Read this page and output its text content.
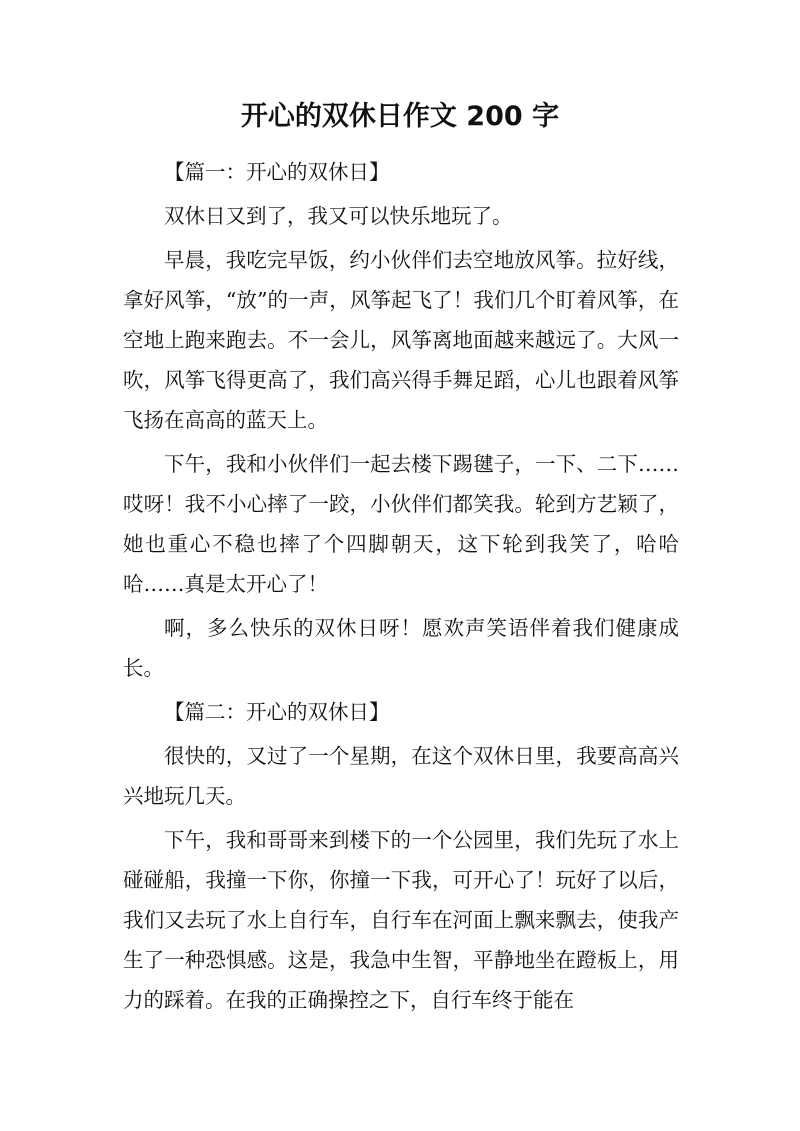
开心的双休日作文 200 字

【篇一：开心的双休日】

双休日又到了，我又可以快乐地玩了。

早晨，我吃完早饭，约小伙伴们去空地放风筝。拉好线，拿好风筝，“放”的一声，风筝起飞了！我们几个盯着风筝，在空地上跑来跑去。不一会儿，风筝离地面越来越远了。大风一吹，风筝飞得更高了，我们高兴得手舞足蹈，心儿也跟着风筝飞扬在高高的蓝天上。

下午，我和小伙伴们一起去楼下踢毽子，一下、二下……哎呀！我不小心摔了一跤，小伙伴们都笑我。轮到方艺颖了，她也重心不稳也摔了个四脚朝天，这下轮到我笑了，哈哈哈……真是太开心了！

啊，多么快乐的双休日呀！愿欢声笑语伴着我们健康成长。

【篇二：开心的双休日】

很快的，又过了一个星期，在这个双休日里，我要高高兴兴地玩几天。

下午，我和哥哥来到楼下的一个公园里，我们先玩了水上碰碰船，我撞一下你，你撞一下我，可开心了！玩好了以后，我们又去玩了水上自行车，自行车在河面上飘来飘去，使我产生了一种恐惧感。这是，我急中生智，平静地坐在蹬板上，用力的踩着。在我的正确操控之下，自行车终于能在
